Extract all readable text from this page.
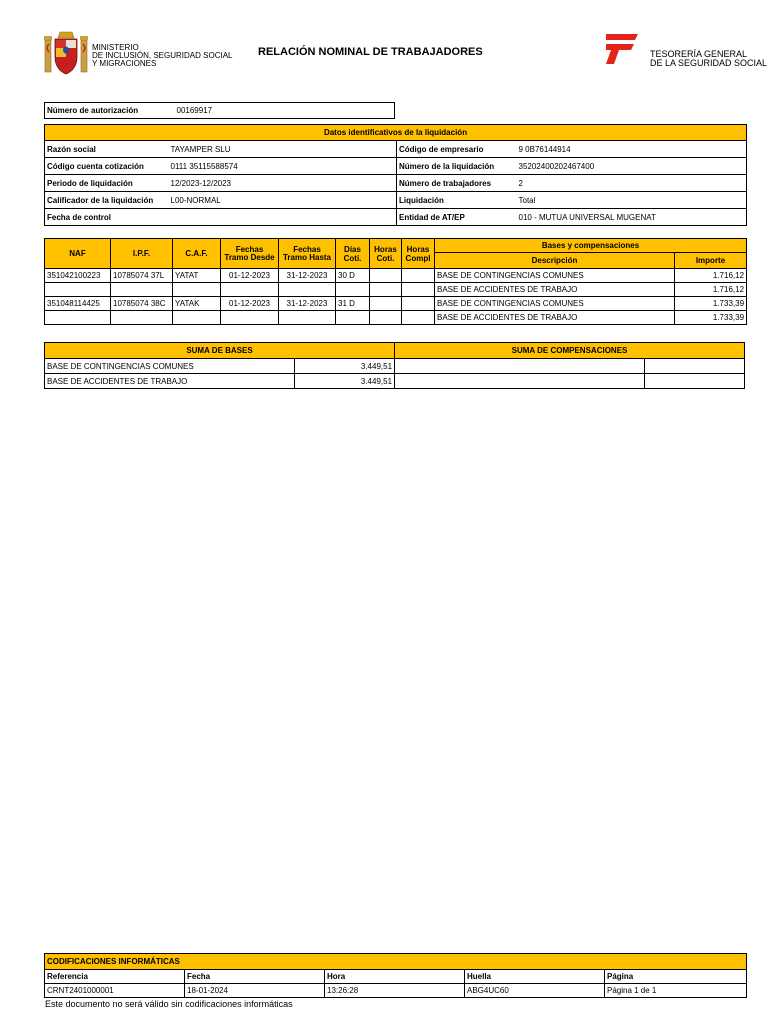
MINISTERIO
DE INCLUSIÓN, SEGURIDAD SOCIAL
Y MIGRACIONES
RELACIÓN NOMINAL DE TRABAJADORES	TESORERÍA GENERAL
DE LA SEGURIDAD SOCIAL
Número de autorización	00169917
Datos identificativos de la liquidación			
Razón social	TAYAMPER SLU	Código de empresario	9 0B76144914
Código cuenta cotización	0111 35115588574	Número de la liquidación	35202400202467400
Periodo de liquidación	12/2023-12/2023	Número de trabajadores	2
Calificador de la liquidación	L00-NORMAL	Liquidación	Total
Fecha de control		Entidad de AT/EP	010 - MUTUA UNIVERSAL MUGENAT
NAF	I.P.F.	C.A.F.	Fechas Tramo Desde	Fechas Tramo Hasta	Días Coti.	Horas Coti.	Horas Compl	Bases y compensaciones	
								Descripción	Importe
351042100223	10785074 37L	YATAT	01-12-2023	31-12-2023	30 D			BASE DE CONTINGENCIAS COMUNES	1.716,12
								BASE DE ACCIDENTES DE TRABAJO	1.716,12
351048114425	10785074 38C	YATAK	01-12-2023	31-12-2023	31 D			BASE DE CONTINGENCIAS COMUNES	1.733,39
								BASE DE ACCIDENTES DE TRABAJO	1.733,39
SUMA DE BASES		SUMA DE COMPENSACIONES	
BASE DE CONTINGENCIAS COMUNES	3.449,51		
BASE DE ACCIDENTES DE TRABAJO	3.449,51		
CODIFICACIONES INFORMÁTICAS				
Referencia	Fecha	Hora	Huella	Página
CRNT2401000001	18-01-2024	13:26:28	ABG4UC60	Página 1 de 1
Este documento no será válido sin codificaciones informáticas
